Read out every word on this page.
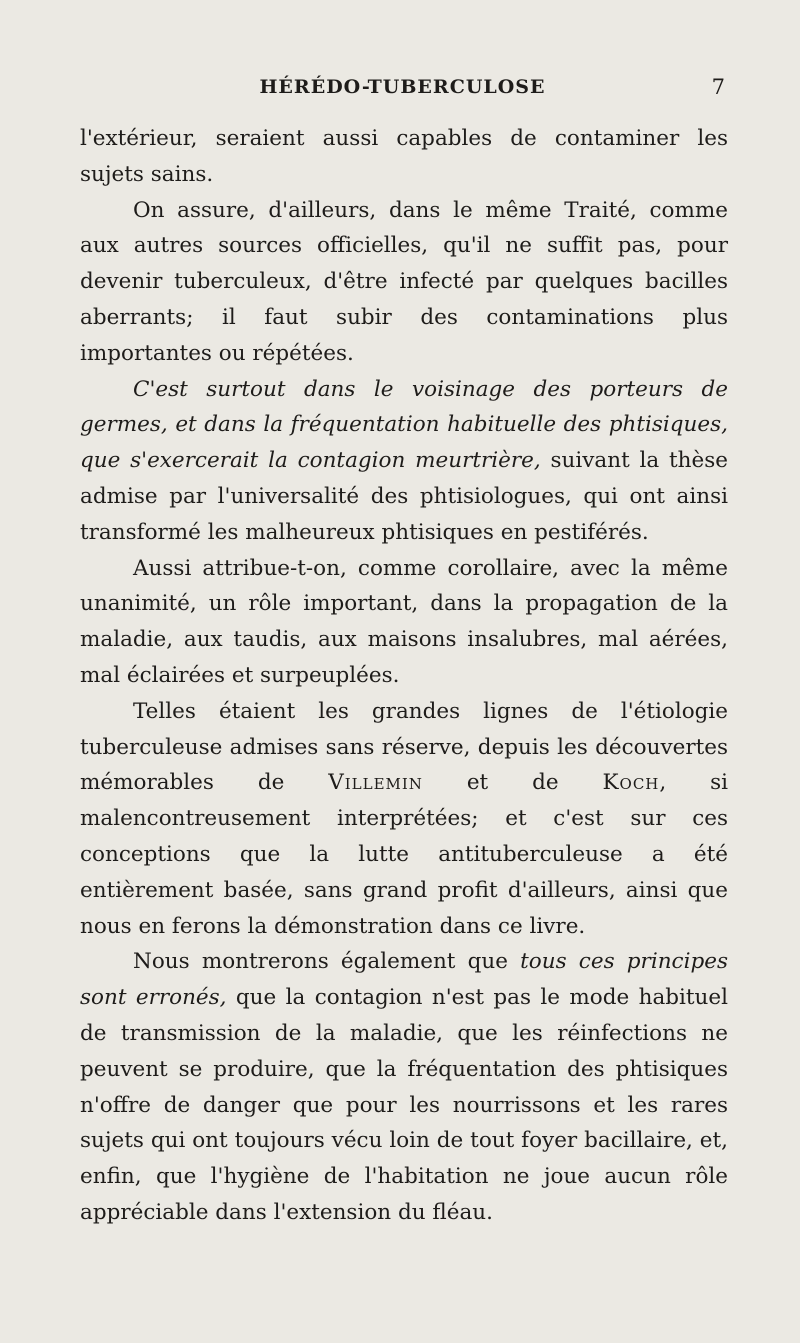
HÉRÉDO-TUBERCULOSE	7

l'extérieur, seraient aussi capables de contaminer les sujets sains.

On assure, d'ailleurs, dans le même Traité, comme aux autres sources officielles, qu'il ne suffit pas, pour devenir tuberculeux, d'être infecté par quelques bacilles aberrants; il faut subir des contaminations plus importantes ou répétées.

C'est surtout dans le voisinage des porteurs de germes, et dans la fréquentation habituelle des phtisiques, que s'exercerait la contagion meurtrière, suivant la thèse admise par l'universalité des phtisiologues, qui ont ainsi transformé les malheureux phtisiques en pestiférés.

Aussi attribue-t-on, comme corollaire, avec la même unanimité, un rôle important, dans la propagation de la maladie, aux taudis, aux maisons insalubres, mal aérées, mal éclairées et surpeuplées.

Telles étaient les grandes lignes de l'étiologie tuberculeuse admises sans réserve, depuis les découvertes mémorables de Villemin et de Koch, si malencontreusement interprétées; et c'est sur ces conceptions que la lutte antituberculeuse a été entièrement basée, sans grand profit d'ailleurs, ainsi que nous en ferons la démonstration dans ce livre.

Nous montrerons également que tous ces principes sont erronés, que la contagion n'est pas le mode habituel de transmission de la maladie, que les réinfections ne peuvent se produire, que la fréquentation des phtisiques n'offre de danger que pour les nourrissons et les rares sujets qui ont toujours vécu loin de tout foyer bacillaire, et, enfin, que l'hygiène de l'habitation ne joue aucun rôle appréciable dans l'extension du fléau.
